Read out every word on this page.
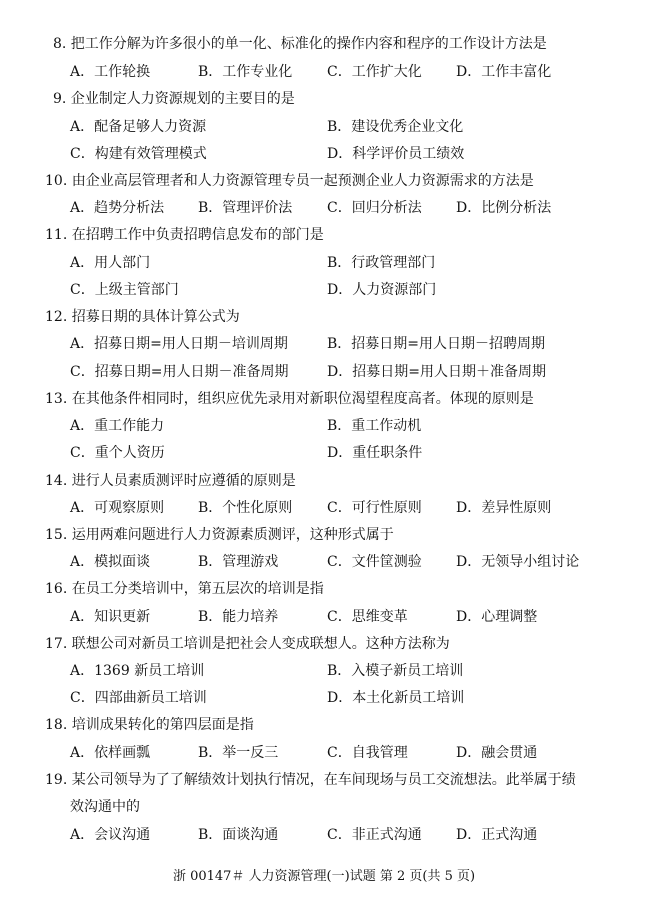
8. 把工作分解为许多很小的单一化、标准化的操作内容和程序的工作设计方法是
A．工作轮换	B．工作专业化 C．工作扩大化 D．工作丰富化
9. 企业制定人力资源规划的主要目的是
A．配备足够人力资源	B．建设优秀企业文化
C．构建有效管理模式	D．科学评价员工绩效
10. 由企业高层管理者和人力资源管理专员一起预测企业人力资源需求的方法是
A．趋势分析法 B．管理评价法 C．回归分析法 D．比例分析法
11. 在招聘工作中负责招聘信息发布的部门是
A．用人部门	B．行政管理部门
C．上级主管部门	D．人力资源部门
12. 招募日期的具体计算公式为
A．招募日期=用人日期－培训周期	B．招募日期=用人日期－招聘周期
C．招募日期=用人日期－准备周期	D．招募日期=用人日期＋准备周期
13. 在其他条件相同时，组织应优先录用对新职位渴望程度高者。体现的原则是
A．重工作能力	B．重工作动机
C．重个人资历	D．重任职条件
14. 进行人员素质测评时应遵循的原则是
A．可观察原则 B．个性化原则 C．可行性原则 D．差异性原则
15. 运用两难问题进行人力资源素质测评，这种形式属于
A．模拟面谈	B．管理游戏	C．文件筐测验 D．无领导小组讨论
16. 在员工分类培训中，第五层次的培训是指
A．知识更新	B．能力培养	C．思维变革	D．心理调整
17. 联想公司对新员工培训是把社会人变成联想人。这种方法称为
A．1369 新员工培训	B．入模子新员工培训
C．四部曲新员工培训	D．本土化新员工培训
18. 培训成果转化的第四层面是指
A．依样画瓢	B．举一反三	C．自我管理	D．融会贯通
19. 某公司领导为了了解绩效计划执行情况，在车间现场与员工交流想法。此举属于绩
效沟通中的
A．会议沟通	B．面谈沟通	C．非正式沟通 D．正式沟通
浙 00147＃ 人力资源管理(一)试题 第 2 页(共 5 页)
